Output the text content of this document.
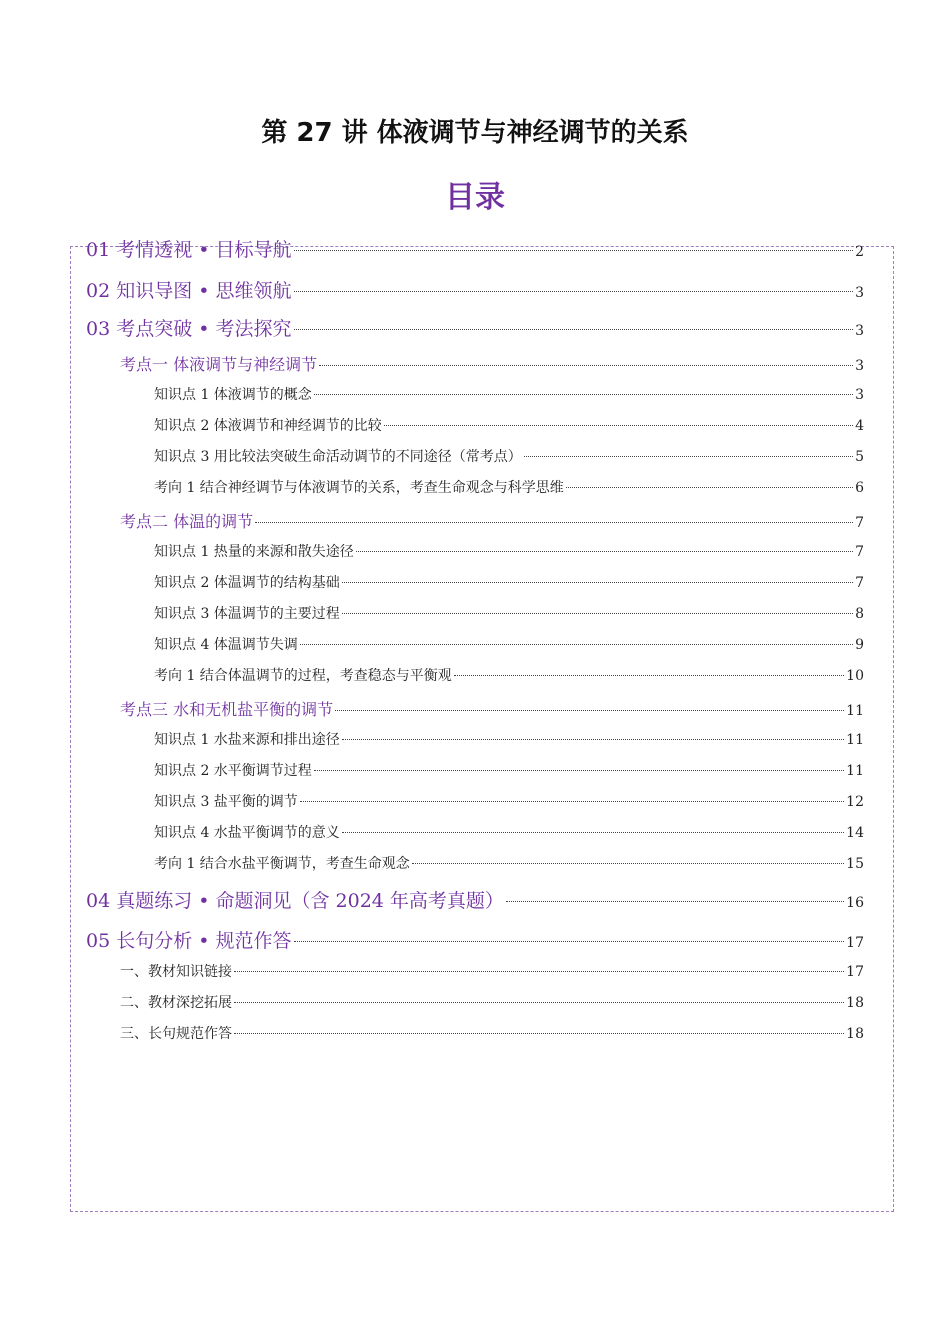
第 27 讲 体液调节与神经调节的关系
目录
01 考情透视 • 目标导航	2
02 知识导图 • 思维领航	3
03 考点突破 • 考法探究	3
考点一 体液调节与神经调节	3
知识点 1 体液调节的概念	3
知识点 2 体液调节和神经调节的比较	4
知识点 3 用比较法突破生命活动调节的不同途径（常考点）	5
考向 1 结合神经调节与体液调节的关系，考查生命观念与科学思维	6
考点二 体温的调节	7
知识点 1 热量的来源和散失途径	7
知识点 2 体温调节的结构基础	7
知识点 3 体温调节的主要过程	8
知识点 4 体温调节失调	9
考向 1 结合体温调节的过程，考查稳态与平衡观	10
考点三 水和无机盐平衡的调节	11
知识点 1 水盐来源和排出途径	11
知识点 2 水平衡调节过程	11
知识点 3 盐平衡的调节	12
知识点 4 水盐平衡调节的意义	14
考向 1 结合水盐平衡调节，考查生命观念	15
04 真题练习 • 命题洞见（含 2024 年高考真题）	16
05 长句分析 • 规范作答	17
一、教材知识链接	17
二、教材深挖拓展	18
三、长句规范作答	18
